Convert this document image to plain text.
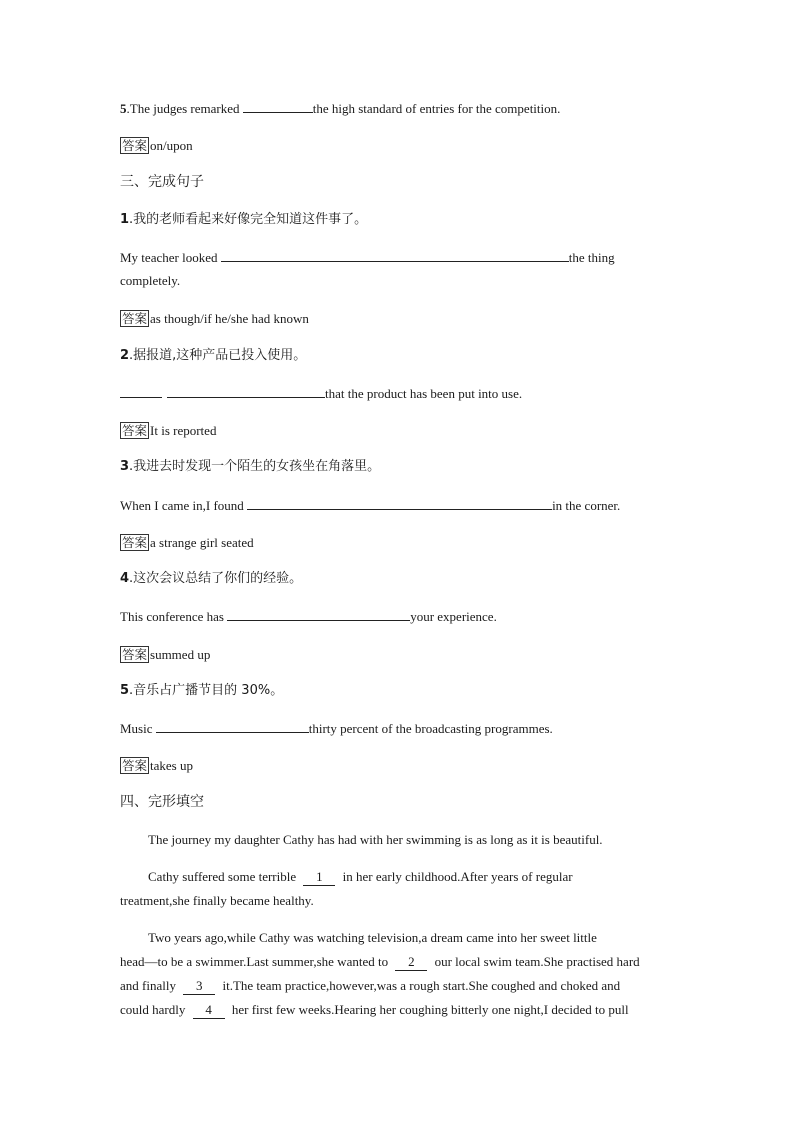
5.The judges remarked	the high standard of entries for the competition.
答案 on/upon
三、完成句子
1.我的老师看起来好像完全知道这件事了。
My teacher looked	the thing
completely.
答案 as though/if he/she had known
2.据报道,这种产品已投入使用。
that the product has been put into use.
答案 It is reported
3.我进去时发现一个陌生的女孩坐在角落里。
When I came in,I found	in the corner.
答案 a strange girl seated
4.这次会议总结了你们的经验。
This conference has	your experience.
答案 summed up
5.音乐占广播节目的 30%。
Music	thirty percent of the broadcasting programmes.
答案 takes up
四、完形填空
The journey my daughter Cathy has had with her swimming is as long as it is beautiful.
Cathy suffered some terrible 1 in her early childhood.After years of regular
treatment,she finally became healthy.
Two years ago,while Cathy was watching television,a dream came into her sweet little
head—to be a swimmer.Last summer,she wanted to 2 our local swim team.She practised hard
and finally 3 it.The team practice,however,was a rough start.She coughed and choked and
could hardly 4 her first few weeks.Hearing her coughing bitterly one night,I decided to pull
